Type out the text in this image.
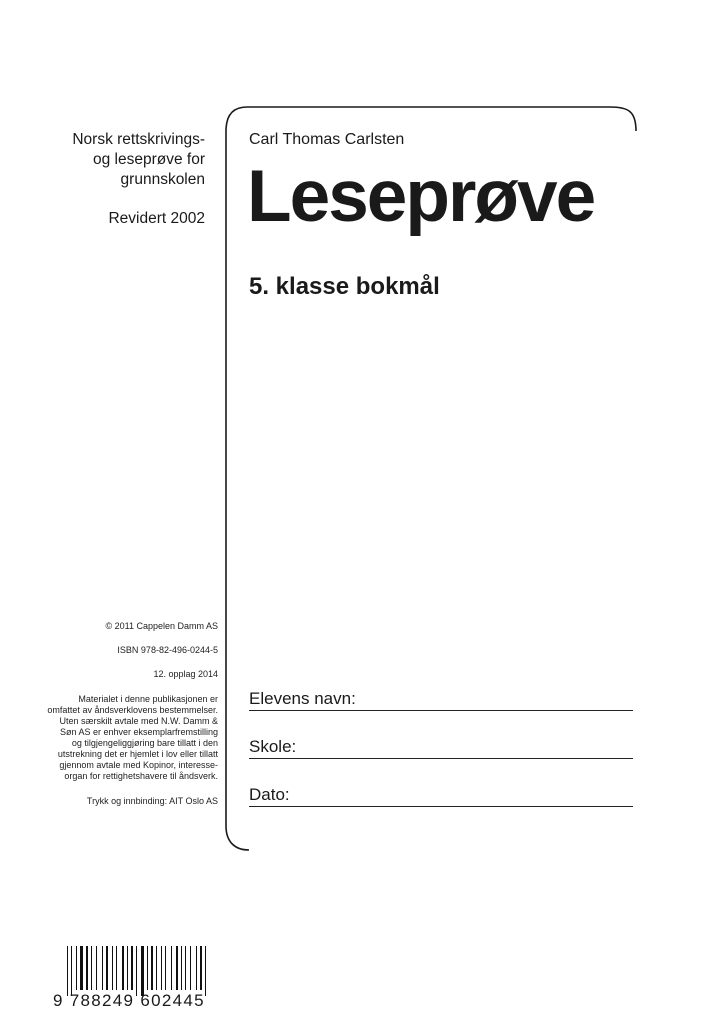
Norsk rettskrivings-
og leseprøve for
grunnskolen
Revidert 2002
Carl Thomas Carlsten
Leseprøve
5. klasse bokmål
© 2011 Cappelen Damm AS
ISBN 978-82-496-0244-5
12. opplag 2014
Materialet i denne publikasjonen er
omfattet av åndsverklovens bestemmelser.
Uten særskilt avtale med N.W. Damm &
Søn AS er enhver eksemplarfremstilling
og tilgjengeliggjøring bare tillatt i den
utstrekning det er hjemlet i lov eller tillatt
gjennom avtale med Kopinor, interesse-
organ for rettighetshavere til åndsverk.
Trykk og innbinding: AIT Oslo AS
Elevens navn:
Skole:
Dato:
9 788249 602445
